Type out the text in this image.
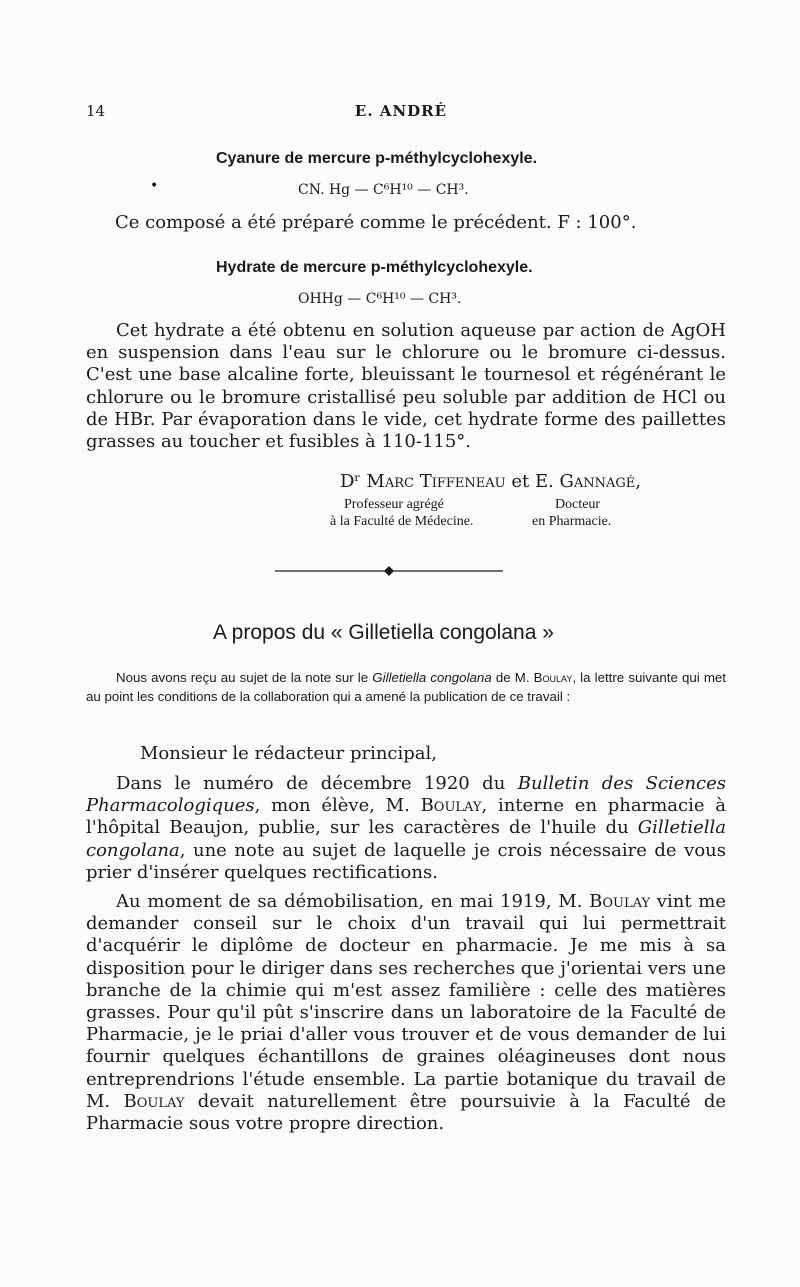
14	E. ANDRÉ
Cyanure de mercure p-méthylcyclohexyle.
•	CN. Hg — C⁶H¹⁰ — CH³.
Ce composé a été préparé comme le précédent. F : 100°.
Hydrate de mercure p-méthylcyclohexyle.
OHHg — C⁶H¹⁰ — CH³.

Cet hydrate a été obtenu en solution aqueuse par action de AgOH en suspension dans l'eau sur le chlorure ou le bromure ci-dessus. C'est une base alcaline forte, bleuissant le tournesol et régénérant le chlorure ou le bromure cristallisé peu soluble par addition de HCl ou de HBr. Par évaporation dans le vide, cet hydrate forme des paillettes grasses au toucher et fusibles à 110-115°.

Dʳ Marc Tiffeneau et E. Gannagé,
Professeur agrégé
à la Faculté de Médecine.
Docteur
en Pharmacie.
A propos du « Gilletiella congolana »

Nous avons reçu au sujet de la note sur le Gilletiella congolana de M. Boulay, la lettre suivante qui met au point les conditions de la collaboration qui a amené la publication de ce travail :

Monsieur le rédacteur principal,

Dans le numéro de décembre 1920 du Bulletin des Sciences Pharmacologiques, mon élève, M. Boulay, interne en pharmacie à l'hôpital Beaujon, publie, sur les caractères de l'huile du Gilletiella congolana, une note au sujet de laquelle je crois nécessaire de vous prier d'insérer quelques rectifications.

Au moment de sa démobilisation, en mai 1919, M. Boulay vint me demander conseil sur le choix d'un travail qui lui permettrait d'acquérir le diplôme de docteur en pharmacie. Je me mis à sa disposition pour le diriger dans ses recherches que j'orientai vers une branche de la chimie qui m'est assez familière : celle des matières grasses. Pour qu'il pût s'inscrire dans un laboratoire de la Faculté de Pharmacie, je le priai d'aller vous trouver et de vous demander de lui fournir quelques échantillons de graines oléagineuses dont nous entreprendrions l'étude ensemble. La partie botanique du travail de M. Boulay devait naturellement être poursuivie à la Faculté de Pharmacie sous votre propre direction.
